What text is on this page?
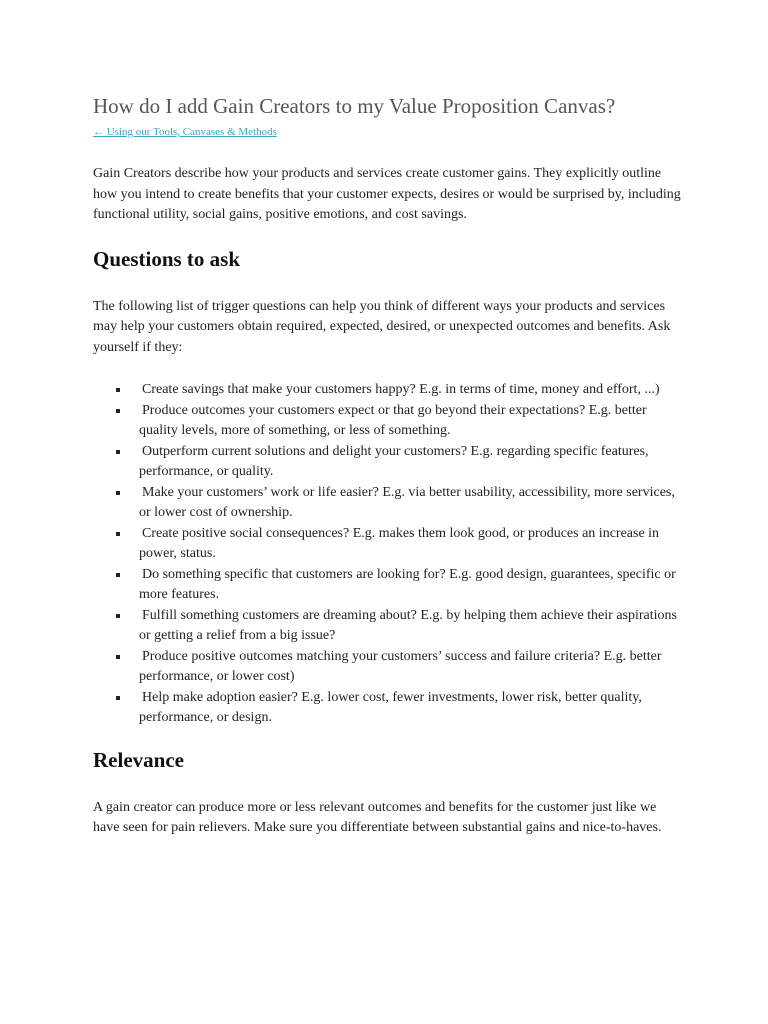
How do I add Gain Creators to my Value Proposition Canvas?
← Using our Tools, Canvases & Methods

Gain Creators describe how your products and services create customer gains. They explicitly outline how you intend to create benefits that your customer expects, desires or would be surprised by, including functional utility, social gains, positive emotions, and cost savings.

Questions to ask

The following list of trigger questions can help you think of different ways your products and services may help your customers obtain required, expected, desired, or unexpected outcomes and benefits. Ask yourself if they:

Create savings that make your customers happy? E.g. in terms of time, money and effort, ...)
Produce outcomes your customers expect or that go beyond their expectations? E.g. better quality levels, more of something, or less of something.
Outperform current solutions and delight your customers? E.g. regarding specific features, performance, or quality.
Make your customers’ work or life easier? E.g. via better usability, accessibility, more services, or lower cost of ownership.
Create positive social consequences? E.g. makes them look good, or produces an increase in power, status.
Do something specific that customers are looking for? E.g. good design, guarantees, specific or more features.
Fulfill something customers are dreaming about? E.g. by helping them achieve their aspirations or getting a relief from a big issue?
Produce positive outcomes matching your customers’ success and failure criteria? E.g. better performance, or lower cost)
Help make adoption easier? E.g. lower cost, fewer investments, lower risk, better quality, performance, or design.
Relevance

A gain creator can produce more or less relevant outcomes and benefits for the customer just like we have seen for pain relievers. Make sure you differentiate between substantial gains and nice-to-haves.
